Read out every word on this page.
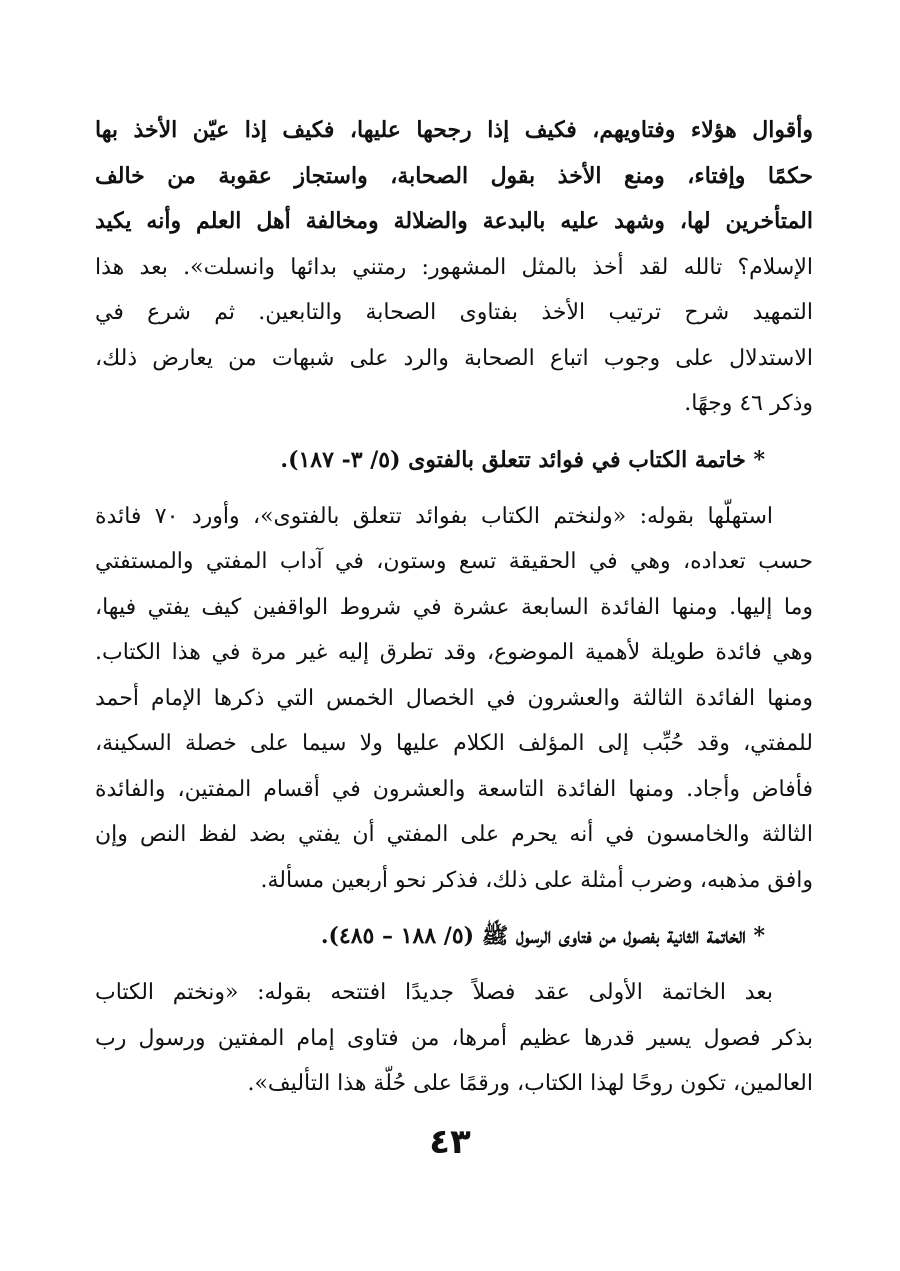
وأقوال هؤلاء وفتاويهم، فكيف إذا رجحها عليها، فكيف إذا عيّن الأخذ بها
حكمًا وإفتاء، ومنع الأخذ بقول الصحابة، واستجاز عقوبة من خالف
المتأخرين لها، وشهد عليه بالبدعة والضلالة ومخالفة أهل العلم وأنه يكيد
الإسلام؟ تالله لقد أخذ بالمثل المشهور: رمتني بدائها وانسلت». بعد هذا
التمهيد شرح ترتيب الأخذ بفتاوى الصحابة والتابعين. ثم شرع في
الاستدلال على وجوب اتباع الصحابة والرد على شبهات من يعارض ذلك،
وذكر ٤٦ وجهًا.
* خاتمة الكتاب في فوائد تتعلق بالفتوى (٥/ ٣- ١٨٧).
استهلّها بقوله: «ولنختم الكتاب بفوائد تتعلق بالفتوى»، وأورد ٧٠ فائدة
حسب تعداده، وهي في الحقيقة تسع وستون، في آداب المفتي والمستفتي
وما إليها. ومنها الفائدة السابعة عشرة في شروط الواقفين كيف يفتي فيها،
وهي فائدة طويلة لأهمية الموضوع، وقد تطرق إليه غير مرة في هذا الكتاب.
ومنها الفائدة الثالثة والعشرون في الخصال الخمس التي ذكرها الإمام أحمد
للمفتي، وقد حُبِّب إلى المؤلف الكلام عليها ولا سيما على خصلة السكينة،
فأفاض وأجاد. ومنها الفائدة التاسعة والعشرون في أقسام المفتين، والفائدة
الثالثة والخامسون في أنه يحرم على المفتي أن يفتي بضد لفظ النص وإن
وافق مذهبه، وضرب أمثلة على ذلك، فذكر نحو أربعين مسألة.
* الخاتمة الثانية بفصول من فتاوى الرسول ﷺ (٥/ ١٨٨ – ٤٨٥).
بعد الخاتمة الأولى عقد فصلاً جديدًا افتتحه بقوله: «ونختم الكتاب
بذكر فصول يسير قدرها عظيم أمرها، من فتاوى إمام المفتين ورسول رب
العالمين، تكون روحًا لهذا الكتاب، ورقمًا على حُلّة هذا التأليف».
٤٣
